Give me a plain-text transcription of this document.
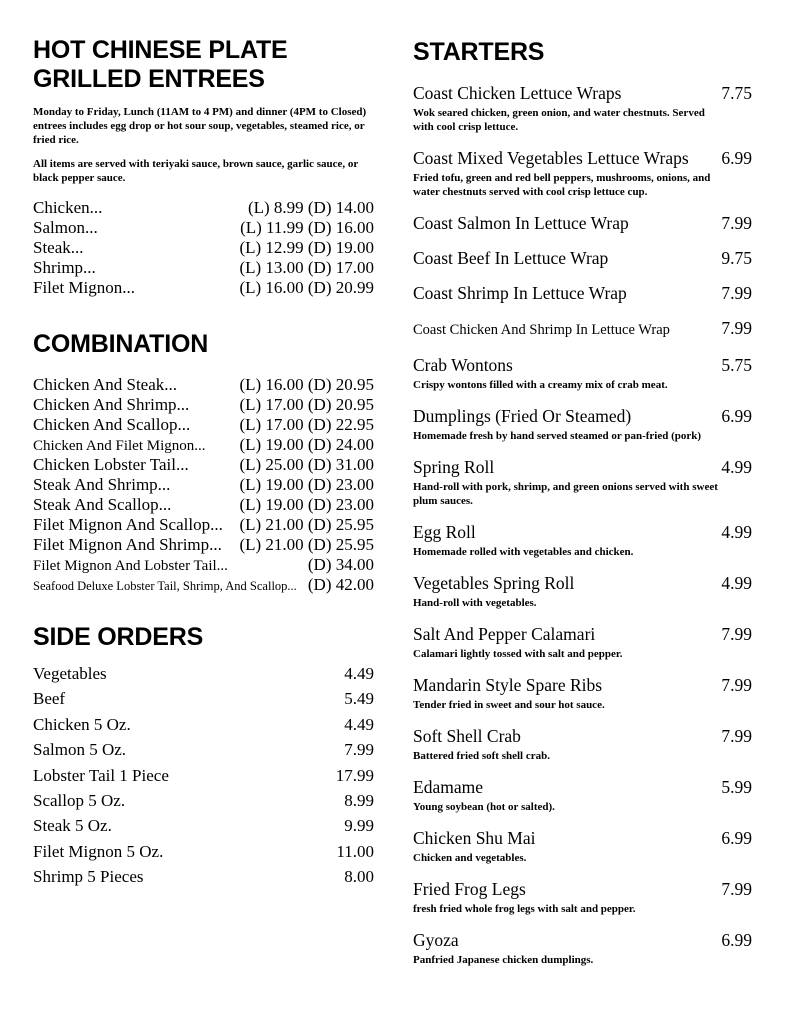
HOT CHINESE PLATE
GRILLED ENTREES

Monday to Friday, Lunch (11AM to 4 PM) and dinner (4PM to Closed) entrees includes egg drop or hot sour soup, vegetables, steamed rice, or fried rice.

All items are served with teriyaki sauce, brown sauce, garlic sauce, or black pepper sauce.

Chicken...	(L) 8.99 (D) 14.00
Salmon...	(L) 11.99 (D) 16.00
Steak...	(L) 12.99 (D) 19.00
Shrimp...	(L) 13.00 (D) 17.00
Filet Mignon...	(L) 16.00 (D) 20.99
COMBINATION
Chicken And Steak...	(L) 16.00 (D) 20.95
Chicken And Shrimp...	(L) 17.00 (D) 20.95
Chicken And Scallop...	(L) 17.00 (D) 22.95
Chicken And Filet Mignon... (L) 19.00 (D) 24.00
Chicken Lobster Tail...	(L) 25.00 (D) 31.00
Steak And Shrimp...	(L) 19.00 (D) 23.00
Steak And Scallop...	(L) 19.00 (D) 23.00
Filet Mignon And Scallop... (L) 21.00 (D) 25.95
Filet Mignon And Shrimp... (L) 21.00 (D) 25.95
Filet Mignon And Lobster Tail...	(D) 34.00
Seafood Deluxe Lobster Tail, Shrimp, And Scallop... (D) 42.00
SIDE ORDERS
Vegetables	4.49
Beef	5.49
Chicken 5 Oz.	4.49
Salmon 5 Oz.	7.99
Lobster Tail 1 Piece	17.99
Scallop 5 Oz.	8.99
Steak 5 Oz.	9.99
Filet Mignon 5 Oz.	11.00
Shrimp 5 Pieces	8.00
STARTERS
Coast Chicken Lettuce Wraps	7.75
Wok seared chicken, green onion, and water chestnuts. Served with cool crisp lettuce.
Coast Mixed Vegetables Lettuce Wraps 6.99
Fried tofu, green and red bell peppers, mushrooms, onions, and water chestnuts served with cool crisp lettuce cup.
Coast Salmon In Lettuce Wrap	7.99
Coast Beef In Lettuce Wrap	9.75
Coast Shrimp In Lettuce Wrap	7.99
Coast Chicken And Shrimp In Lettuce Wrap	7.99
Crab Wontons	5.75
Crispy wontons filled with a creamy mix of crab meat.
Dumplings (Fried Or Steamed)	6.99
Homemade fresh by hand served steamed or pan-fried (pork)
Spring Roll	4.99
Hand-roll with pork, shrimp, and green onions served with sweet plum sauces.
Egg Roll	4.99
Homemade rolled with vegetables and chicken.
Vegetables Spring Roll	4.99
Hand-roll with vegetables.
Salt And Pepper Calamari	7.99
Calamari lightly tossed with salt and pepper.
Mandarin Style Spare Ribs	7.99
Tender fried in sweet and sour hot sauce.
Soft Shell Crab	7.99
Battered fried soft shell crab.
Edamame	5.99
Young soybean (hot or salted).
Chicken Shu Mai	6.99
Chicken and vegetables.
Fried Frog Legs	7.99
fresh fried whole frog legs with salt and pepper.
Gyoza	6.99
Panfried Japanese chicken dumplings.
